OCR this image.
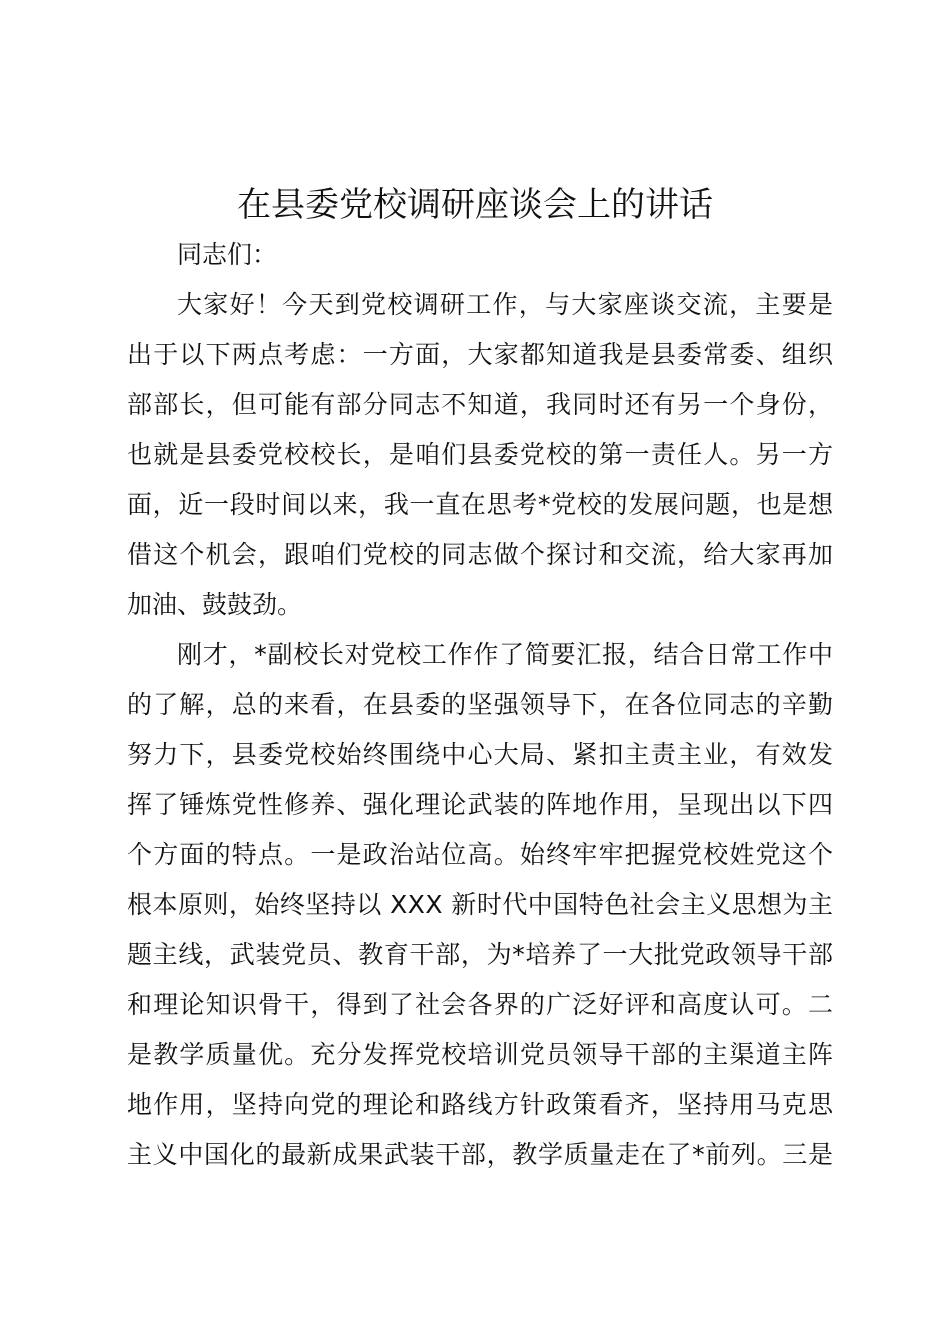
在县委党校调研座谈会上的讲话
同志们：
大家好！今天到党校调研工作，与大家座谈交流，主要是
出于以下两点考虑：一方面，大家都知道我是县委常委、组织
部部长，但可能有部分同志不知道，我同时还有另一个身份，
也就是县委党校校长，是咱们县委党校的第一责任人。另一方
面，近一段时间以来，我一直在思考*党校的发展问题，也是想
借这个机会，跟咱们党校的同志做个探讨和交流，给大家再加
加油、鼓鼓劲。
刚才，*副校长对党校工作作了简要汇报，结合日常工作中
的了解，总的来看，在县委的坚强领导下，在各位同志的辛勤
努力下，县委党校始终围绕中心大局、紧扣主责主业，有效发
挥了锤炼党性修养、强化理论武装的阵地作用，呈现出以下四
个方面的特点。一是政治站位高。始终牢牢把握党校姓党这个
根本原则，始终坚持以 XXX 新时代中国特色社会主义思想为主
题主线，武装党员、教育干部，为*培养了一大批党政领导干部
和理论知识骨干，得到了社会各界的广泛好评和高度认可。二
是教学质量优。充分发挥党校培训党员领导干部的主渠道主阵
地作用，坚持向党的理论和路线方针政策看齐，坚持用马克思
主义中国化的最新成果武装干部，教学质量走在了*前列。三是
